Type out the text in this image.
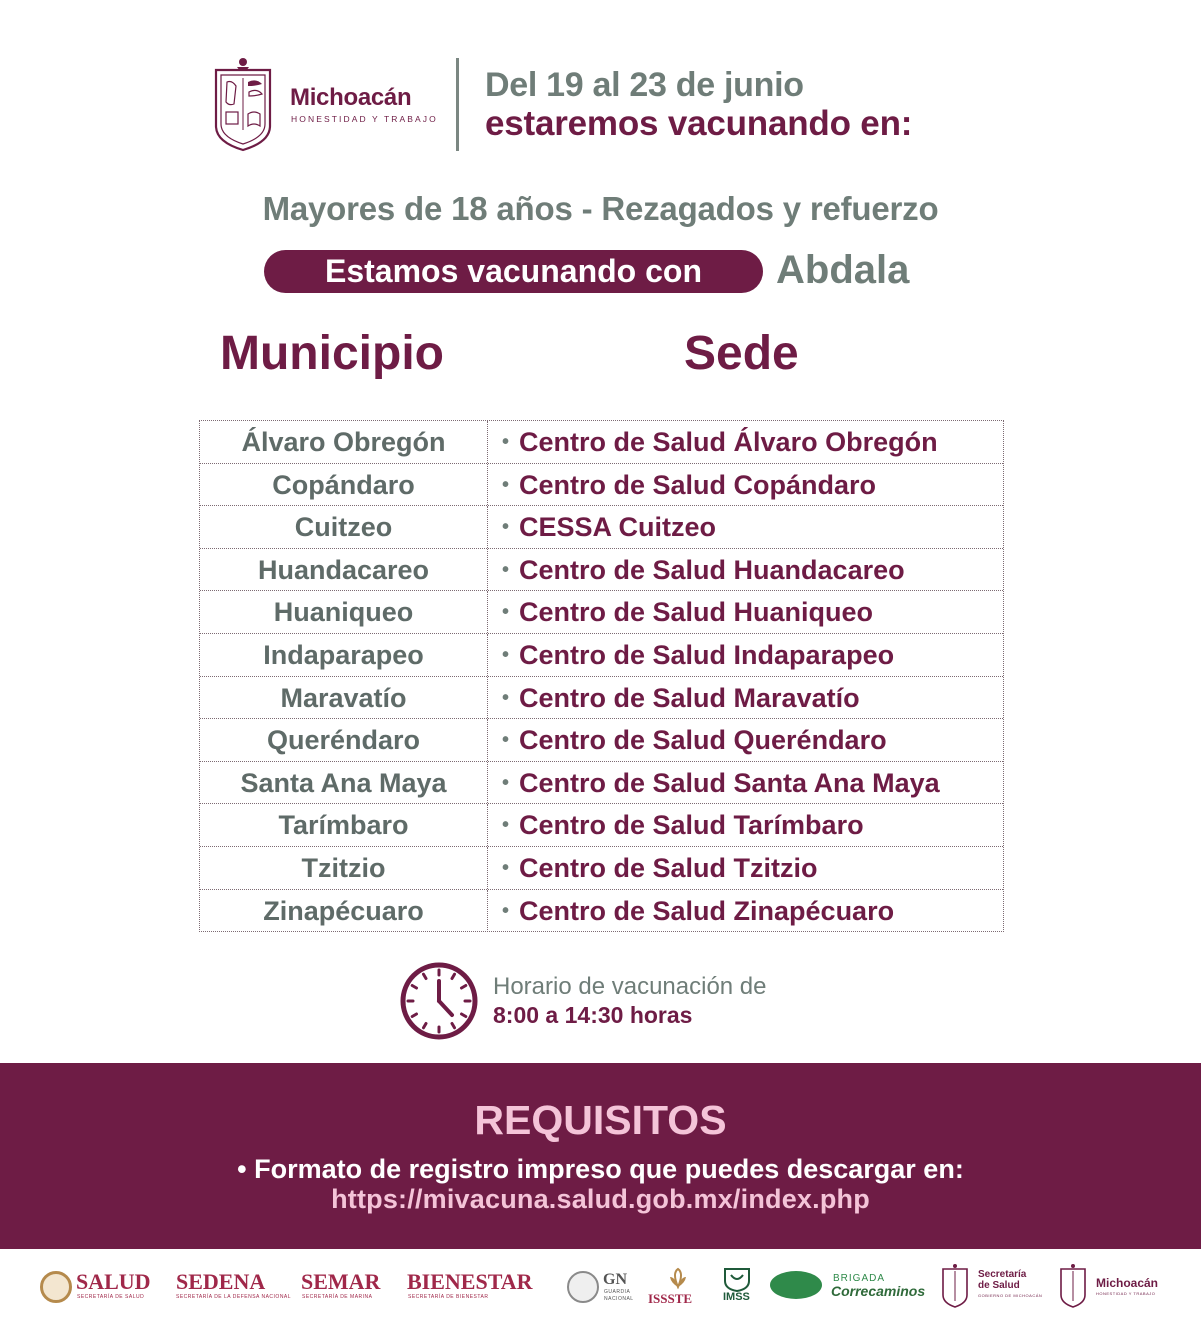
Michoacán
HONESTIDAD Y TRABAJO
Del 19 al 23 de junio
estaremos vacunando en:
Mayores de 18 años - Rezagados y refuerzo
Estamos vacunando con	Abdala
Municipio	Sede
Álvaro Obregón	• Centro de Salud Álvaro Obregón
Copándaro	• Centro de Salud Copándaro
Cuitzeo	• CESSA Cuitzeo
Huandacareo	• Centro de Salud Huandacareo
Huaniqueo	• Centro de Salud Huaniqueo
Indaparapeo	• Centro de Salud Indaparapeo
Maravatío	• Centro de Salud Maravatío
Queréndaro	• Centro de Salud Queréndaro
Santa Ana Maya	• Centro de Salud Santa Ana Maya
Tarímbaro	• Centro de Salud Tarímbaro
Tzitzio	• Centro de Salud Tzitzio
Zinapécuaro	• Centro de Salud Zinapécuaro
Horario de vacunación de
8:00 a 14:30 horas
REQUISITOS
• Formato de registro impreso que puedes descargar en:
https://mivacuna.salud.gob.mx/index.php
SALUD
SECRETARÍA DE SALUD
SEDENA
SECRETARÍA DE LA DEFENSA NACIONAL
SEMAR
SECRETARÍA DE MARINA
BIENESTAR
SECRETARÍA DE BIENESTAR
GN
GUARDIA
NACIONAL ISSSTE	IMSS
BRIGADA
Correcaminos
Secretaría
de Salud
GOBIERNO DE MICHOACÁN
Michoacán
HONESTIDAD Y TRABAJO
